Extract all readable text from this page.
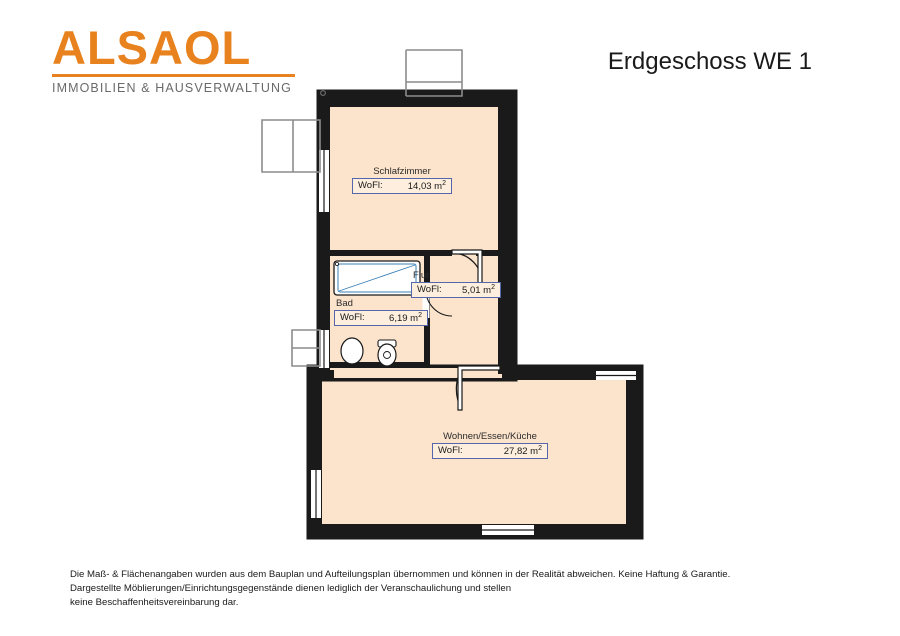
ALSAOL
IMMOBILIEN & HAUSVERWALTUNG
Erdgeschoss WE 1
Schlafzimmer
WoFl:	14,03 $m^2$
Flur
WoFl: 5,01 $m^2$
Bad
WoFl:	6,19 $m^2$
Wohnen/Essen/Küche
WoFl:	27,82 $m^2$
Die Maß- & Flächenangaben wurden aus dem Bauplan und Aufteilungsplan übernommen und können in der Realität abweichen. Keine Haftung & Garantie.
Dargestellte Möblierungen/Einrichtungsgegenstände dienen lediglich der Veranschaulichung und stellen
keine Beschaffenheitsvereinbarung dar.
